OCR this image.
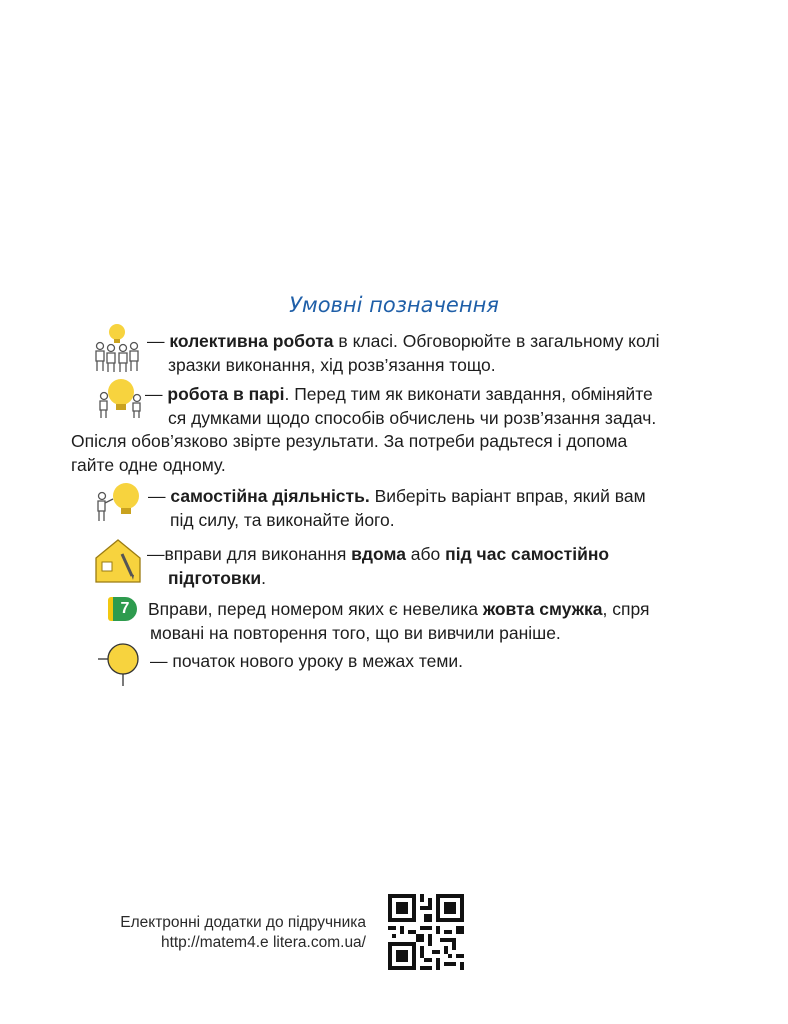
Умовні позначення
— колективна робота в класі. Обговорюйте в загальному колі
зразки виконання, хід розв’язання тощо.
— робота в парі. Перед тим як виконати завдання, обміняйте
ся думками щодо способів обчислень чи розв’язання задач.
Опісля обов’язково звірте результати. За потреби радьтеся і допома
гайте одне одному.
— самостійна діяльність. Виберіть варіант вправ, який вам
під силу, та виконайте його.
—вправи для виконання вдома або під час самостійно
підготовки.
7	Вправи, перед номером яких є невелика жовта смужка, спря
мовані на повторення того, що ви вивчили раніше.
— початок нового уроку в межах теми.
Електронні додатки до підручника
http://matem4.e litera.com.ua/
